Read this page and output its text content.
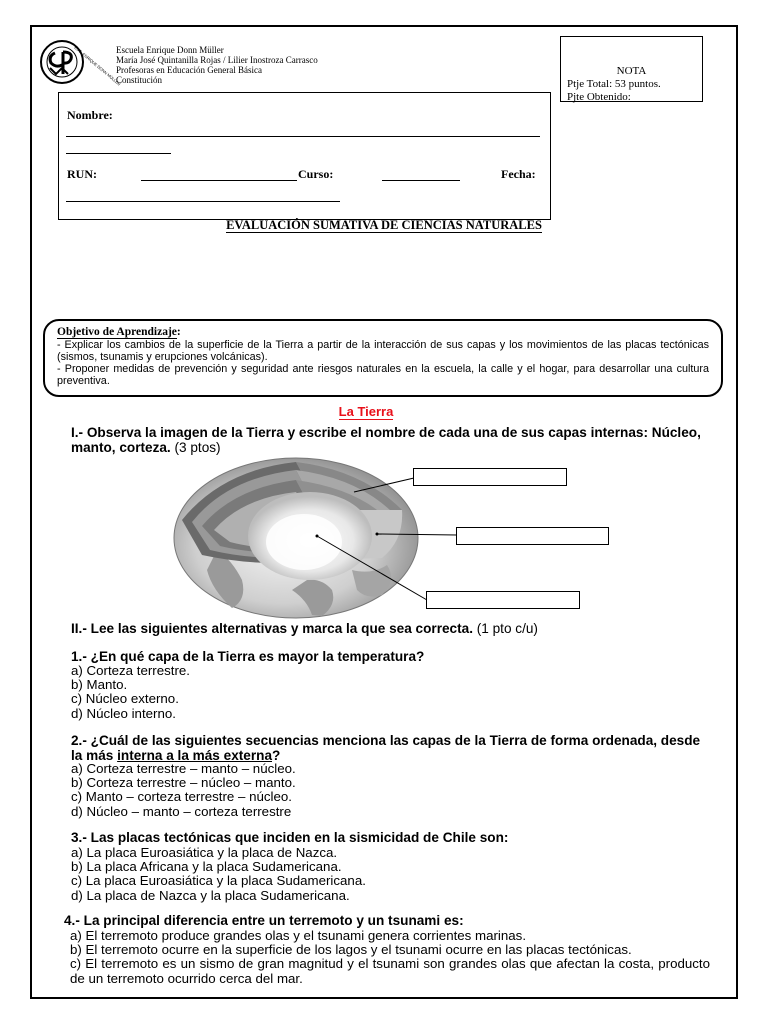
ESC. ENRIQUE DONN MÜLLER
Escuela Enrique Donn Müller
María José Quintanilla Rojas / Lilier Inostroza Carrasco
Profesoras en Educación General Básica
Constitución
NOTA
Ptje Total: 53 puntos.
Pjte Obtenido:
Nombre:
RUN:	Curso:	Fecha:
EVALUACIÓN SUMATIVA DE CIENCIAS NATURALES
Objetivo de Aprendizaje:
- Explicar los cambios de la superficie de la Tierra a partir de la interacción de sus capas y los movimientos de las placas tectónicas (sismos, tsunamis y erupciones volcánicas).
- Proponer medidas de prevención y seguridad ante riesgos naturales en la escuela, la calle y el hogar, para desarrollar una cultura preventiva.
La Tierra
I.- Observa la imagen de la Tierra y escribe el nombre de cada una de sus capas internas: Núcleo, manto, corteza. (3 ptos)
II.- Lee las siguientes alternativas y marca la que sea correcta. (1 pto c/u)
1.- ¿En qué capa de la Tierra es mayor la temperatura?
a) Corteza terrestre.
b) Manto.
c) Núcleo externo.
d) Núcleo interno.
2.- ¿Cuál de las siguientes secuencias menciona las capas de la Tierra de forma ordenada, desde la más interna a la más externa?
a) Corteza terrestre – manto – núcleo.
b) Corteza terrestre – núcleo – manto.
c) Manto – corteza terrestre – núcleo.
d) Núcleo – manto – corteza terrestre
3.- Las placas tectónicas que inciden en la sismicidad de Chile son:
a) La placa Euroasiática y la placa de Nazca.
b) La placa Africana y la placa Sudamericana.
c) La placa Euroasiática y la placa Sudamericana.
d) La placa de Nazca y la placa Sudamericana.
4.- La principal diferencia entre un terremoto y un tsunami es:
a) El terremoto produce grandes olas y el tsunami genera corrientes marinas.
b) El terremoto ocurre en la superficie de los lagos y el tsunami ocurre en las placas tectónicas.
c) El terremoto es un sismo de gran magnitud y el tsunami son grandes olas que afectan la costa, producto de un terremoto ocurrido cerca del mar.
